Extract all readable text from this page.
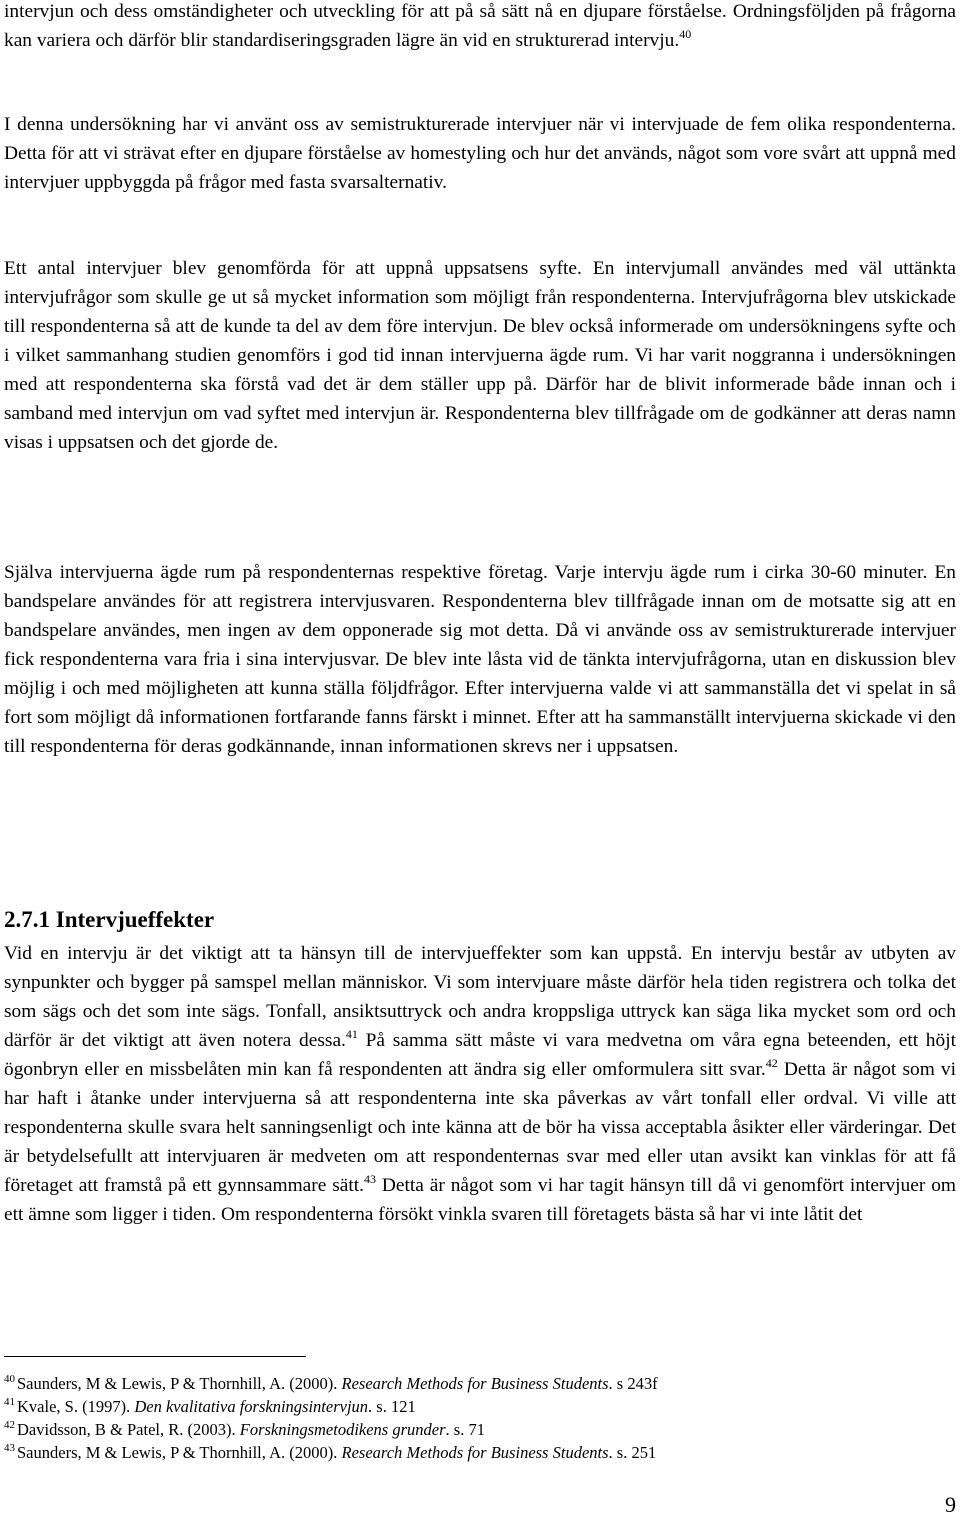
intervjun och dess omständigheter och utveckling för att på så sätt nå en djupare förståelse. Ordningsföljden på frågorna kan variera och därför blir standardiseringsgraden lägre än vid en strukturerad intervju.$^{40}$

I denna undersökning har vi använt oss av semistrukturerade intervjuer när vi intervjuade de fem olika respondenterna. Detta för att vi strävat efter en djupare förståelse av homestyling och hur det används, något som vore svårt att uppnå med intervjuer uppbyggda på frågor med fasta svarsalternativ.

Ett antal intervjuer blev genomförda för att uppnå uppsatsens syfte. En intervjumall användes med väl uttänkta intervjufrågor som skulle ge ut så mycket information som möjligt från respondenterna. Intervjufrågorna blev utskickade till respondenterna så att de kunde ta del av dem före intervjun. De blev också informerade om undersökningens syfte och i vilket sammanhang studien genomförs i god tid innan intervjuerna ägde rum. Vi har varit noggranna i undersökningen med att respondenterna ska förstå vad det är dem ställer upp på. Därför har de blivit informerade både innan och i samband med intervjun om vad syftet med intervjun är. Respondenterna blev tillfrågade om de godkänner att deras namn visas i uppsatsen och det gjorde de.

Själva intervjuerna ägde rum på respondenternas respektive företag. Varje intervju ägde rum i cirka 30-60 minuter. En bandspelare användes för att registrera intervjusvaren. Respondenterna blev tillfrågade innan om de motsatte sig att en bandspelare användes, men ingen av dem opponerade sig mot detta. Då vi använde oss av semistrukturerade intervjuer fick respondenterna vara fria i sina intervjusvar. De blev inte låsta vid de tänkta intervjufrågorna, utan en diskussion blev möjlig i och med möjligheten att kunna ställa följdfrågor. Efter intervjuerna valde vi att sammanställa det vi spelat in så fort som möjligt då informationen fortfarande fanns färskt i minnet. Efter att ha sammanställt intervjuerna skickade vi den till respondenterna för deras godkännande, innan informationen skrevs ner i uppsatsen.

2.7.1 Intervjueffekter

Vid en intervju är det viktigt att ta hänsyn till de intervjueffekter som kan uppstå. En intervju består av utbyten av synpunkter och bygger på samspel mellan människor. Vi som intervjuare måste därför hela tiden registrera och tolka det som sägs och det som inte sägs. Tonfall, ansiktsuttryck och andra kroppsliga uttryck kan säga lika mycket som ord och därför är det viktigt att även notera dessa.$^{41}$ På samma sätt måste vi vara medvetna om våra egna beteenden, ett höjt ögonbryn eller en missbelåten min kan få respondenten att ändra sig eller omformulera sitt svar.$^{42}$ Detta är något som vi har haft i åtanke under intervjuerna så att respondenterna inte ska påverkas av vårt tonfall eller ordval. Vi ville att respondenterna skulle svara helt sanningsenligt och inte känna att de bör ha vissa acceptabla åsikter eller värderingar. Det är betydelsefullt att intervjuaren är medveten om att respondenternas svar med eller utan avsikt kan vinklas för att få företaget att framstå på ett gynnsammare sätt.$^{43}$ Detta är något som vi har tagit hänsyn till då vi genomfört intervjuer om ett ämne som ligger i tiden. Om respondenterna försökt vinkla svaren till företagets bästa så har vi inte låtit det

$^{40}$ Saunders, M & Lewis, P & Thornhill, A. (2000). Research Methods for Business Students. s 243f
$^{41}$ Kvale, S. (1997). Den kvalitativa forskningsintervjun. s. 121
$^{42}$ Davidsson, B & Patel, R. (2003). Forskningsmetodikens grunder. s. 71
$^{43}$ Saunders, M & Lewis, P & Thornhill, A. (2000). Research Methods for Business Students. s. 251
9
